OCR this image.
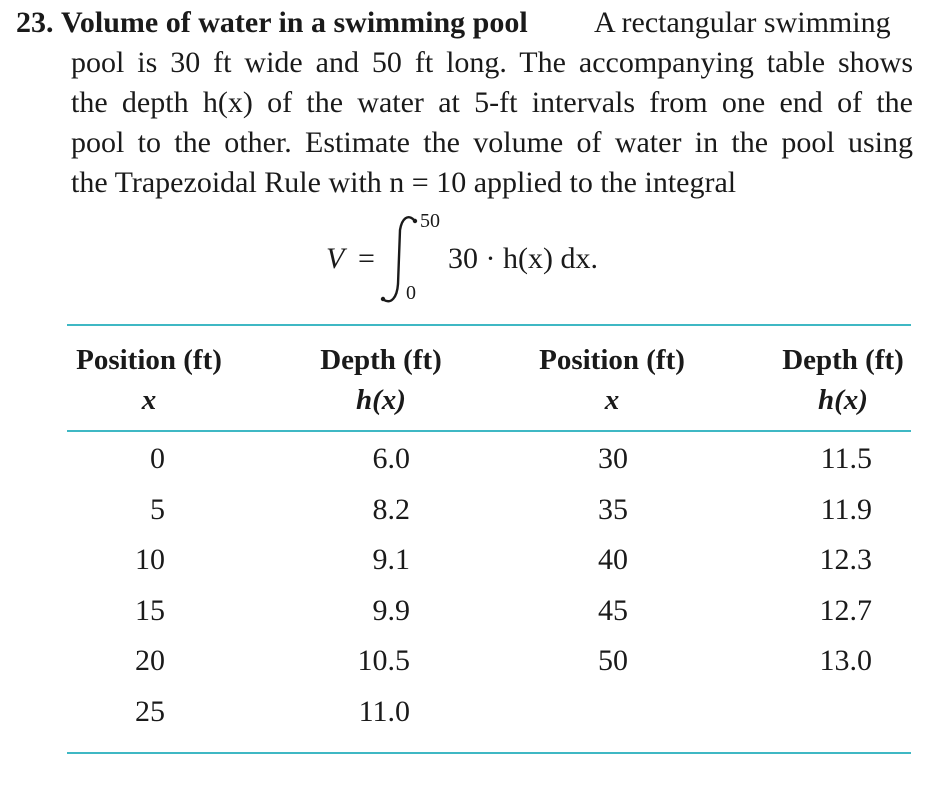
23. Volume of water in a swimming pool A rectangular swimming
pool is 30 ft wide and 50 ft long. The accompanying table shows
the depth h(x) of the water at 5-ft intervals from one end of the
pool to the other. Estimate the volume of water in the pool using
the Trapezoidal Rule with n = 10 applied to the integral
V =
50
0
30 · h(x) dx.
Position (ft)
x
Depth (ft)
h(x)
Position (ft)
x
Depth (ft)
h(x)
0
5
10
15
20
25
6.0
8.2
9.1
9.9
10.5
11.0
30
35
40
45
50
11.5
11.9
12.3
12.7
13.0
